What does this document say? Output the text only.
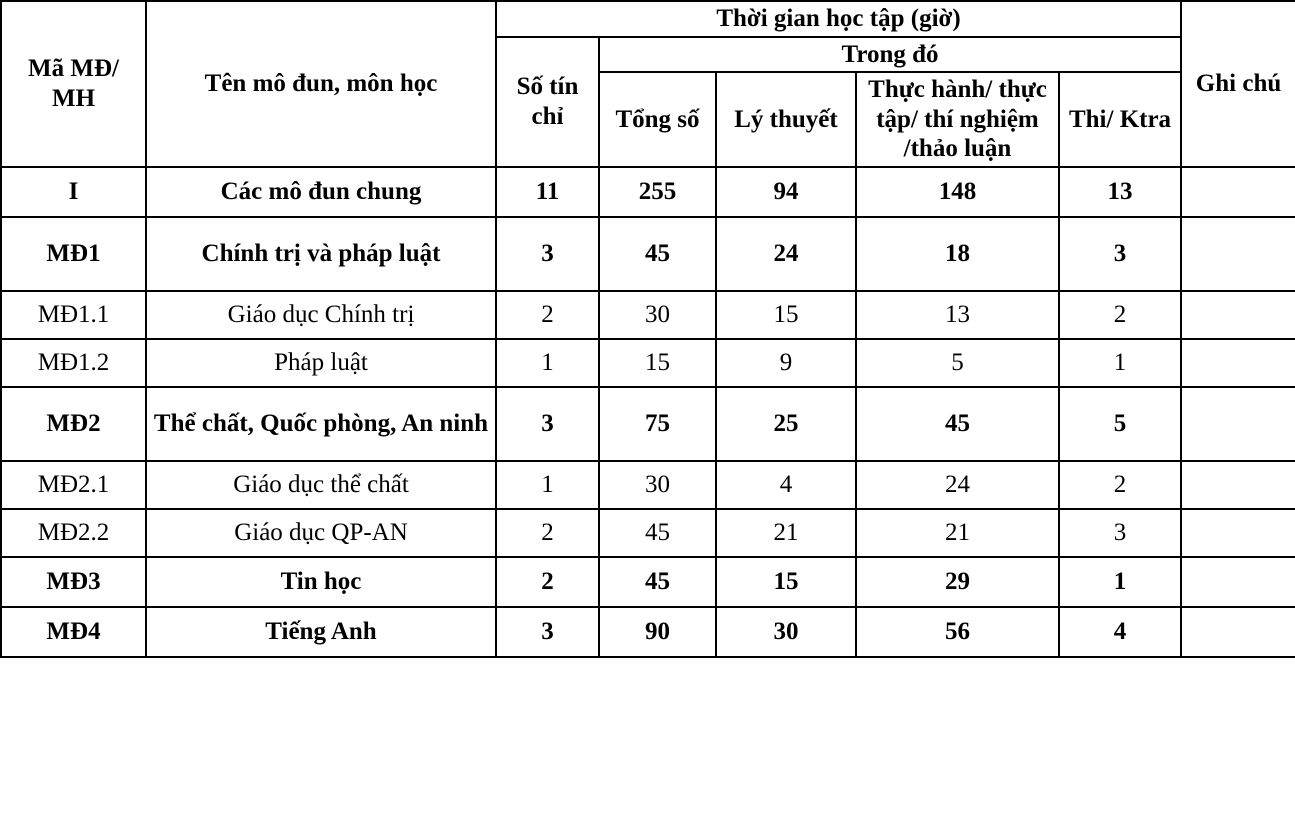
Mã MĐ/ MH	Tên mô đun, môn học	Thời gian học tập (giờ)					Ghi chú
		Số tín chỉ	Trong đó				
			Tổng số	Lý thuyết	Thực hành/ thực tập/ thí nghiệm /thảo luận	Thi/ Ktra	
I	Các mô đun chung	11	255	94	148	13	
MĐ1	Chính trị và pháp luật	3	45	24	18	3	
MĐ1.1	Giáo dục Chính trị	2	30	15	13	2	
MĐ1.2	Pháp luật	1	15	9	5	1	
MĐ2	Thể chất, Quốc phòng, An ninh	3	75	25	45	5	
MĐ2.1	Giáo dục thể chất	1	30	4	24	2	
MĐ2.2	Giáo dục QP-AN	2	45	21	21	3	
MĐ3	Tin học	2	45	15	29	1	
MĐ4	Tiếng Anh	3	90	30	56	4	
